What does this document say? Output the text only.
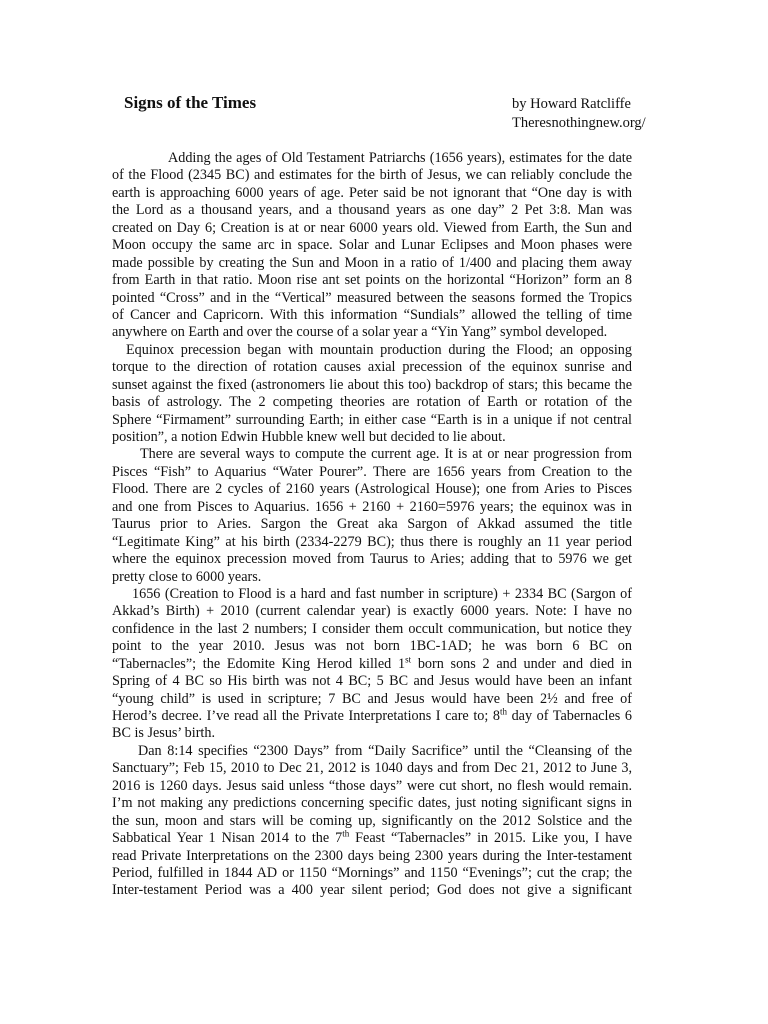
Signs of the Times	by Howard Ratcliffe
Theresnothingnew.org/
Adding the ages of Old Testament Patriarchs (1656 years), estimates for the date
of the Flood (2345 BC) and estimates for the birth of Jesus, we can reliably conclude the
earth is approaching 6000 years of age. Peter said be not ignorant that “One day is with
the Lord as a thousand years, and a thousand years as one day” 2 Pet 3:8. Man was
created on Day 6; Creation is at or near 6000 years old. Viewed from Earth, the Sun and
Moon occupy the same arc in space. Solar and Lunar Eclipses and Moon phases were
made possible by creating the Sun and Moon in a ratio of 1/400 and placing them away
from Earth in that ratio. Moon rise ant set points on the horizontal “Horizon” form an 8
pointed “Cross” and in the “Vertical” measured between the seasons formed the Tropics
of Cancer and Capricorn. With this information “Sundials” allowed the telling of time
anywhere on Earth and over the course of a solar year a “Yin Yang” symbol developed.
Equinox precession began with mountain production during the Flood; an opposing
torque to the direction of rotation causes axial precession of the equinox sunrise and
sunset against the fixed (astronomers lie about this too) backdrop of stars; this became the
basis of astrology. The 2 competing theories are rotation of Earth or rotation of the
Sphere “Firmament” surrounding Earth; in either case “Earth is in a unique if not central
position”, a notion Edwin Hubble knew well but decided to lie about.
There are several ways to compute the current age. It is at or near progression from
Pisces “Fish” to Aquarius “Water Pourer”. There are 1656 years from Creation to the
Flood. There are 2 cycles of 2160 years (Astrological House); one from Aries to Pisces
and one from Pisces to Aquarius. 1656 + 2160 + 2160=5976 years; the equinox was in
Taurus prior to Aries. Sargon the Great aka Sargon of Akkad assumed the title
“Legitimate King” at his birth (2334-2279 BC); thus there is roughly an 11 year period
where the equinox precession moved from Taurus to Aries; adding that to 5976 we get
pretty close to 6000 years.
1656 (Creation to Flood is a hard and fast number in scripture) + 2334 BC (Sargon of
Akkad’s Birth) + 2010 (current calendar year) is exactly 6000 years. Note: I have no
confidence in the last 2 numbers; I consider them occult communication, but notice they
point to the year 2010. Jesus was not born 1BC-1AD; he was born 6 BC on
“Tabernacles”; the Edomite King Herod killed 1st born sons 2 and under and died in
Spring of 4 BC so His birth was not 4 BC; 5 BC and Jesus would have been an infant
“young child” is used in scripture; 7 BC and Jesus would have been 2½ and free of
Herod’s decree. I’ve read all the Private Interpretations I care to; 8th day of Tabernacles 6
BC is Jesus’ birth.
Dan 8:14 specifies “2300 Days” from “Daily Sacrifice” until the “Cleansing of the
Sanctuary”; Feb 15, 2010 to Dec 21, 2012 is 1040 days and from Dec 21, 2012 to June 3,
2016 is 1260 days. Jesus said unless “those days” were cut short, no flesh would remain.
I’m not making any predictions concerning specific dates, just noting significant signs in
the sun, moon and stars will be coming up, significantly on the 2012 Solstice and the
Sabbatical Year 1 Nisan 2014 to the 7th Feast “Tabernacles” in 2015. Like you, I have
read Private Interpretations on the 2300 days being 2300 years during the Inter-testament
Period, fulfilled in 1844 AD or 1150 “Mornings” and 1150 “Evenings”; cut the crap; the
Inter-testament Period was a 400 year silent period; God does not give a significant
